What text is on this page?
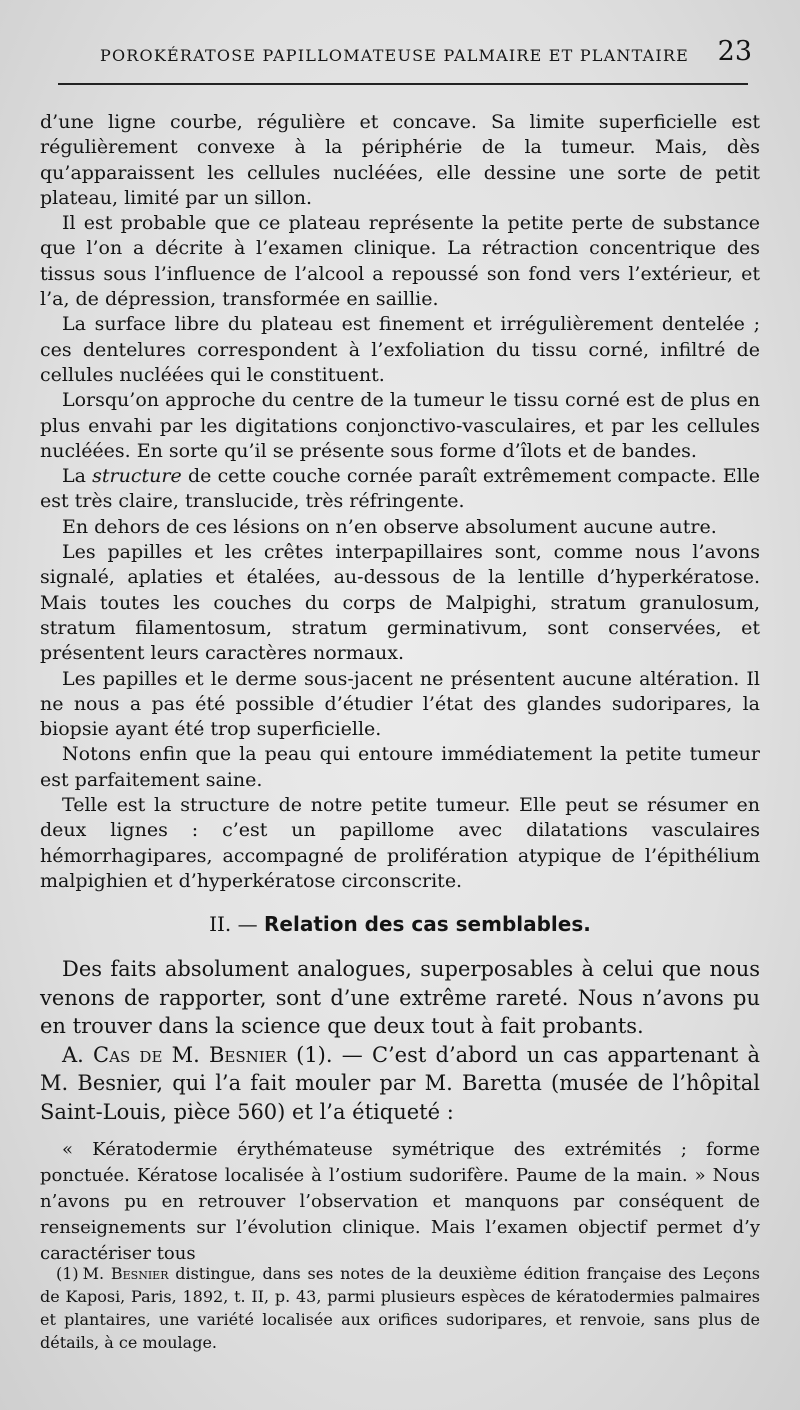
POROKÉRATOSE PAPILLOMATEUSE PALMAIRE ET PLANTAIRE 23

d’une ligne courbe, régulière et concave. Sa limite superficielle est régulièrement convexe à la périphérie de la tumeur. Mais, dès qu’apparaissent les cellules nucléées, elle dessine une sorte de petit plateau, limité par un sillon.

Il est probable que ce plateau représente la petite perte de substance que l’on a décrite à l’examen clinique. La rétraction concentrique des tissus sous l’influence de l’alcool a repoussé son fond vers l’extérieur, et l’a, de dépression, transformée en saillie.

La surface libre du plateau est finement et irrégulièrement dentelée ; ces dentelures correspondent à l’exfoliation du tissu corné, infiltré de cellules nucléées qui le constituent.

Lorsqu’on approche du centre de la tumeur le tissu corné est de plus en plus envahi par les digitations conjonctivo-vasculaires, et par les cellules nucléées. En sorte qu’il se présente sous forme d’îlots et de bandes.

La structure de cette couche cornée paraît extrêmement compacte. Elle est très claire, translucide, très réfringente.

En dehors de ces lésions on n’en observe absolument aucune autre.

Les papilles et les crêtes interpapillaires sont, comme nous l’avons signalé, aplaties et étalées, au-dessous de la lentille d’hyperkératose. Mais toutes les couches du corps de Malpighi, stratum granulosum, stratum filamentosum, stratum germinativum, sont conservées, et présentent leurs caractères normaux.

Les papilles et le derme sous-jacent ne présentent aucune altération. Il ne nous a pas été possible d’étudier l’état des glandes sudoripares, la biopsie ayant été trop superficielle.

Notons enfin que la peau qui entoure immédiatement la petite tumeur est parfaitement saine.

Telle est la structure de notre petite tumeur. Elle peut se résumer en deux lignes : c’est un papillome avec dilatations vasculaires hémorrhagipares, accompagné de prolifération atypique de l’épithélium malpighien et d’hyperkératose circonscrite.

II. — Relation des cas semblables.

Des faits absolument analogues, superposables à celui que nous venons de rapporter, sont d’une extrême rareté. Nous n’avons pu en trouver dans la science que deux tout à fait probants.

A. Cas de M. Besnier (1). — C’est d’abord un cas appartenant à M. Besnier, qui l’a fait mouler par M. Baretta (musée de l’hôpital Saint-Louis, pièce 560) et l’a étiqueté :

« Kératodermie érythémateuse symétrique des extrémités ; forme ponctuée. Kératose localisée à l’ostium sudorifère. Paume de la main. » Nous n’avons pu en retrouver l’observation et manquons par conséquent de renseignements sur l’évolution clinique. Mais l’examen objectif permet d’y caractériser tous

(1) M. Besnier distingue, dans ses notes de la deuxième édition française des Leçons de Kaposi, Paris, 1892, t. II, p. 43, parmi plusieurs espèces de kératodermies palmaires et plantaires, une variété localisée aux orifices sudoripares, et renvoie, sans plus de détails, à ce moulage.
